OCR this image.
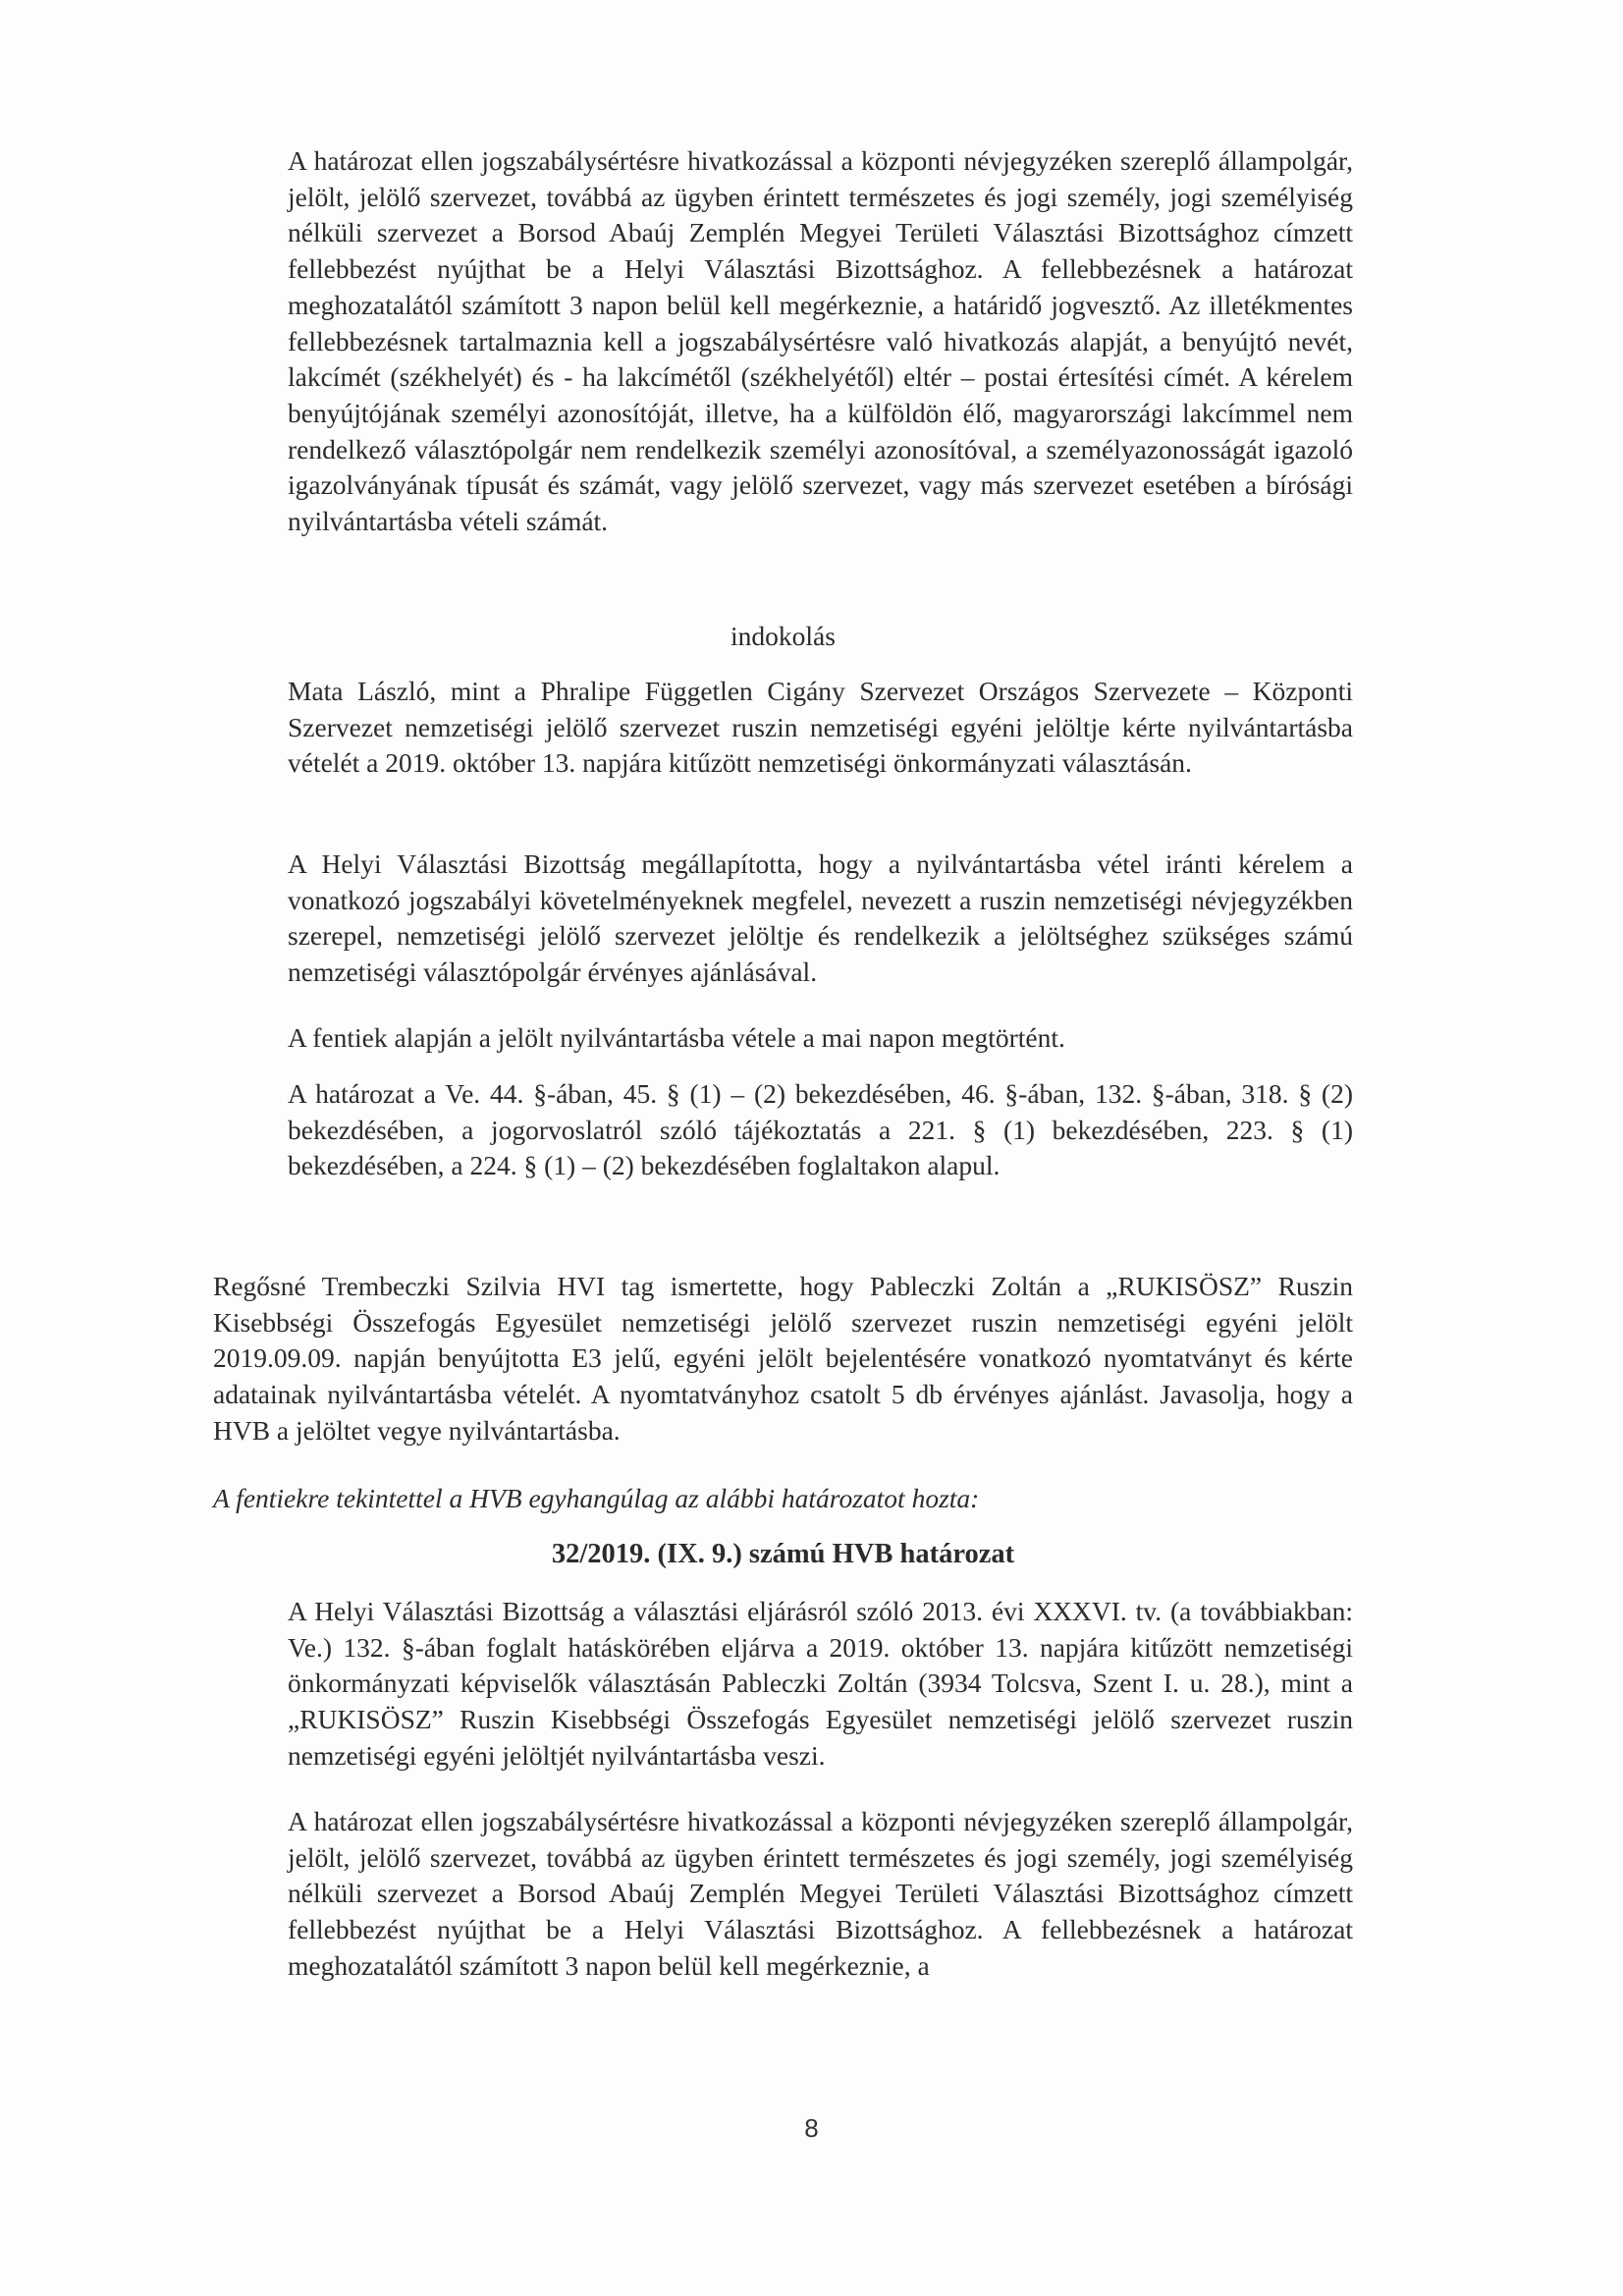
A határozat ellen jogszabálysértésre hivatkozással a központi névjegyzéken szereplő állampolgár, jelölt, jelölő szervezet, továbbá az ügyben érintett természetes és jogi személy, jogi személyiség nélküli szervezet a Borsod Abaúj Zemplén Megyei Területi Választási Bizottsághoz címzett fellebbezést nyújthat be a Helyi Választási Bizottsághoz. A fellebbezésnek a határozat meghozatalától számított 3 napon belül kell megérkeznie, a határidő jogvesztő. Az illetékmentes fellebbezésnek tartalmaznia kell a jogszabálysértésre való hivatkozás alapját, a benyújtó nevét, lakcímét (székhelyét) és - ha lakcímétől (székhelyétől) eltér – postai értesítési címét. A kérelem benyújtójának személyi azonosítóját, illetve, ha a külföldön élő, magyarországi lakcímmel nem rendelkező választópolgár nem rendelkezik személyi azonosítóval, a személyazonosságát igazoló igazolványának típusát és számát, vagy jelölő szervezet, vagy más szervezet esetében a bírósági nyilvántartásba vételi számát.

indokolás

Mata László, mint a Phralipe Független Cigány Szervezet Országos Szervezete – Központi Szervezet nemzetiségi jelölő szervezet ruszin nemzetiségi egyéni jelöltje kérte nyilvántartásba vételét a 2019. október 13. napjára kitűzött nemzetiségi önkormányzati választásán.

A Helyi Választási Bizottság megállapította, hogy a nyilvántartásba vétel iránti kérelem a vonatkozó jogszabályi követelményeknek megfelel, nevezett a ruszin nemzetiségi névjegyzékben szerepel, nemzetiségi jelölő szervezet jelöltje és rendelkezik a jelöltséghez szükséges számú nemzetiségi választópolgár érvényes ajánlásával.

A fentiek alapján a jelölt nyilvántartásba vétele a mai napon megtörtént.

A határozat a Ve. 44. §-ában, 45. § (1) – (2) bekezdésében, 46. §-ában, 132. §-ában, 318. § (2) bekezdésében, a jogorvoslatról szóló tájékoztatás a 221. § (1) bekezdésében, 223. § (1) bekezdésében, a 224. § (1) – (2) bekezdésében foglaltakon alapul.

Regősné Trembeczki Szilvia HVI tag ismertette, hogy Pableczki Zoltán a „RUKISÖSZ” Ruszin Kisebbségi Összefogás Egyesület nemzetiségi jelölő szervezet ruszin nemzetiségi egyéni jelölt 2019.09.09. napján benyújtotta E3 jelű, egyéni jelölt bejelentésére vonatkozó nyomtatványt és kérte adatainak nyilvántartásba vételét. A nyomtatványhoz csatolt 5 db érvényes ajánlást. Javasolja, hogy a HVB a jelöltet vegye nyilvántartásba.

A fentiekre tekintettel a HVB egyhangúlag az alábbi határozatot hozta:

32/2019. (IX. 9.) számú HVB határozat

A Helyi Választási Bizottság a választási eljárásról szóló 2013. évi XXXVI. tv. (a továbbiakban: Ve.) 132. §-ában foglalt hatáskörében eljárva a 2019. október 13. napjára kitűzött nemzetiségi önkormányzati képviselők választásán Pableczki Zoltán (3934 Tolcsva, Szent I. u. 28.), mint a „RUKISÖSZ” Ruszin Kisebbségi Összefogás Egyesület nemzetiségi jelölő szervezet ruszin nemzetiségi egyéni jelöltjét nyilvántartásba veszi.

A határozat ellen jogszabálysértésre hivatkozással a központi névjegyzéken szereplő állampolgár, jelölt, jelölő szervezet, továbbá az ügyben érintett természetes és jogi személy, jogi személyiség nélküli szervezet a Borsod Abaúj Zemplén Megyei Területi Választási Bizottsághoz címzett fellebbezést nyújthat be a Helyi Választási Bizottsághoz. A fellebbezésnek a határozat meghozatalától számított 3 napon belül kell megérkeznie, a

8
